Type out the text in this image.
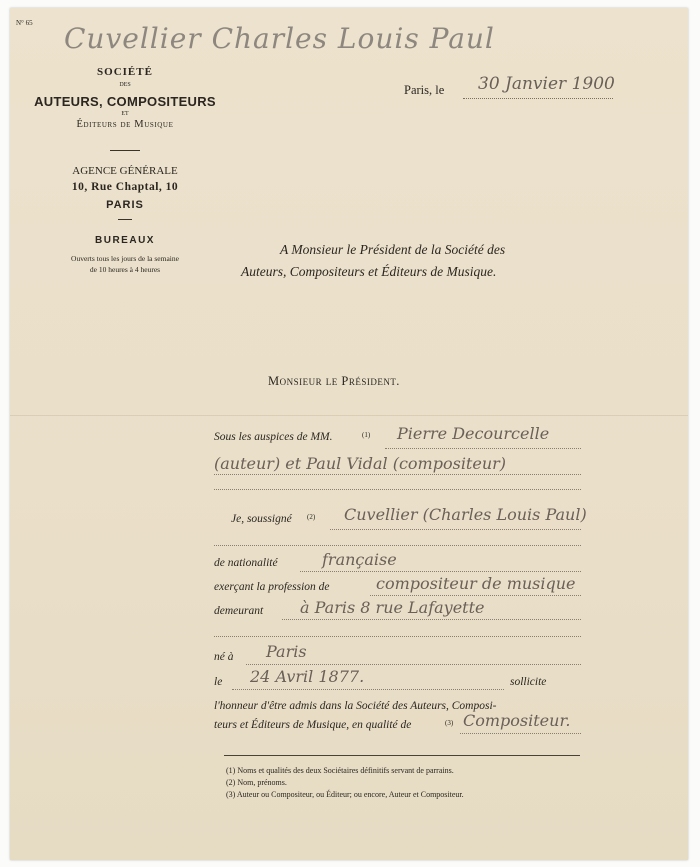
N° 65 Cuvellier Charles Louis Paul
SOCIÉTÉ
DES
AUTEURS, COMPOSITEURS
ET
Éditeurs de Musique
AGENCE GÉNÉRALE
10, Rue Chaptal, 10
PARIS
BUREAUX
Ouverts tous les jours de la semaine
de 10 heures à 4 heures
Paris, le 30 Janvier 1900
A Monsieur le Président de la Société des
Auteurs, Compositeurs et Éditeurs de Musique.
Monsieur le Président.
Sous les auspices de MM.	(1) Pierre Decourcelle
(auteur) et Paul Vidal (compositeur)
Je, soussigné (2) Cuvellier (Charles Louis Paul)
de nationalité	française
exerçant la profession de	compositeur de musique
demeurant à Paris 8 rue Lafayette
né à Paris
le 24 Avril 1877.	sollicite
l'honneur d'être admis dans la Société des Auteurs, Composi-
teurs et Éditeurs de Musique, en qualité de	(3) Compositeur.
(1) Noms et qualités des deux Sociétaires définitifs servant de parrains.
(2) Nom, prénoms.
(3) Auteur ou Compositeur, ou Éditeur; ou encore, Auteur et Compositeur.
